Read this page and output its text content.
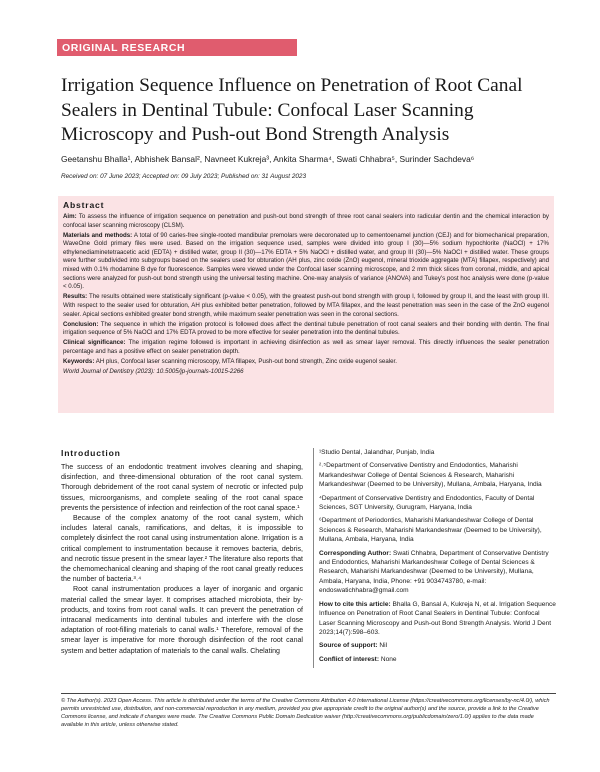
ORIGINAL RESEARCH
Irrigation Sequence Influence on Penetration of Root Canal Sealers in Dentinal Tubule: Confocal Laser Scanning Microscopy and Push-out Bond Strength Analysis
Geetanshu Bhalla¹, Abhishek Bansal², Navneet Kukreja³, Ankita Sharma⁴, Swati Chhabra⁵, Surinder Sachdeva⁶
Received on: 07 June 2023; Accepted on: 09 July 2023; Published on: 31 August 2023
Abstract

Aim: To assess the influence of irrigation sequence on penetration and push-out bond strength of three root canal sealers into radicular dentin and the chemical interaction by confocal laser scanning microscopy (CLSM).

Materials and methods: A total of 90 caries-free single-rooted mandibular premolars were decoronated up to cementoenamel junction (CEJ) and for biomechanical preparation, WaveOne Gold primary files were used. Based on the irrigation sequence used, samples were divided into group I (30)—5% sodium hypochlorite (NaOCl) + 17% ethylenediaminetetraacetic acid (EDTA) + distilled water, group II (30)—17% EDTA + 5% NaOCl + distilled water, and group III (30)—5% NaOCl + distilled water. These groups were further subdivided into subgroups based on the sealers used for obturation (AH plus, zinc oxide (ZnO) eugenol, mineral trioxide aggregate (MTA) fillapex, respectively) and mixed with 0.1% rhodamine B dye for fluorescence. Samples were viewed under the Confocal laser scanning microscope, and 2 mm thick slices from coronal, middle, and apical sections were analyzed for push-out bond strength using the universal testing machine. One-way analysis of variance (ANOVA) and Tukey's post hoc analysis were done (p-value < 0.05).

Results: The results obtained were statistically significant (p-value < 0.05), with the greatest push-out bond strength with group I, followed by group II, and the least with group III. With respect to the sealer used for obturation, AH plus exhibited better penetration, followed by MTA fillapex, and the least penetration was seen in the case of the ZnO eugenol sealer. Apical sections exhibited greater bond strength, while maximum sealer penetration was seen in the coronal sections.

Conclusion: The sequence in which the irrigation protocol is followed does affect the dentinal tubule penetration of root canal sealers and their bonding with dentin. The final irrigation sequence of 5% NaOCl and 17% EDTA proved to be more effective for sealer penetration into the dentinal tubules.

Clinical significance: The irrigation regime followed is important in achieving disinfection as well as smear layer removal. This directly influences the sealer penetration percentage and has a positive effect on sealer penetration depth.

Keywords: AH plus, Confocal laser scanning microscopy, MTA fillapex, Push-out bond strength, Zinc oxide eugenol sealer.

World Journal of Dentistry (2023): 10.5005/jp-journals-10015-2266

Introduction

The success of an endodontic treatment involves cleaning and shaping, disinfection, and three-dimensional obturation of the root canal system. Thorough debridement of the root canal system of necrotic or infected pulp tissues, microorganisms, and complete sealing of the root canal space prevents the persistence of infection and reinfection of the root canal space.¹

Because of the complex anatomy of the root canal system, which includes lateral canals, ramifications, and deltas, it is impossible to completely disinfect the root canal using instrumentation alone. Irrigation is a critical complement to instrumentation because it removes bacteria, debris, and necrotic tissue present in the smear layer.² The literature also reports that the chemomechanical cleaning and shaping of the root canal greatly reduces the number of bacteria.³˒⁴

Root canal instrumentation produces a layer of inorganic and organic material called the smear layer. It comprises attached microbiota, their by-products, and toxins from root canal walls. It can prevent the penetration of intracanal medicaments into dentinal tubules and interfere with the close adaptation of root-filling materials to canal walls.¹ Therefore, removal of the smear layer is imperative for more thorough disinfection of the root canal system and better adaptation of materials to the canal walls. Chelating

¹Studio Dental, Jalandhar, Punjab, India

²˒⁵Department of Conservative Dentistry and Endodontics, Maharishi Markandeshwar College of Dental Sciences & Research, Maharishi Markandeshwar (Deemed to be University), Mullana, Ambala, Haryana, India

⁴Department of Conservative Dentistry and Endodontics, Faculty of Dental Sciences, SGT University, Gurugram, Haryana, India

⁶Department of Periodontics, Maharishi Markandeshwar College of Dental Sciences & Research, Maharishi Markandeshwar (Deemed to be University), Mullana, Ambala, Haryana, India

Corresponding Author: Swati Chhabra, Department of Conservative Dentistry and Endodontics, Maharishi Markandeshwar College of Dental Sciences & Research, Maharishi Markandeshwar (Deemed to be University), Mullana, Ambala, Haryana, India, Phone: +91 9034743780, e-mail: endoswatichhabra@gmail.com

How to cite this article: Bhalla G, Bansal A, Kukreja N, et al. Irrigation Sequence Influence on Penetration of Root Canal Sealers in Dentinal Tubule: Confocal Laser Scanning Microscopy and Push-out Bond Strength Analysis. World J Dent 2023;14(7):598–603.

Source of support: Nil

Conflict of interest: None

© The Author(s). 2023 Open Access. This article is distributed under the terms of the Creative Commons Attribution 4.0 International License (https://creativecommons.org/licenses/by-nc/4.0/), which permits unrestricted use, distribution, and non-commercial reproduction in any medium, provided you give appropriate credit to the original author(s) and the source, provide a link to the Creative Commons license, and indicate if changes were made. The Creative Commons Public Domain Dedication waiver (http://creativecommons.org/publicdomain/zero/1.0/) applies to the data made available in this article, unless otherwise stated.
